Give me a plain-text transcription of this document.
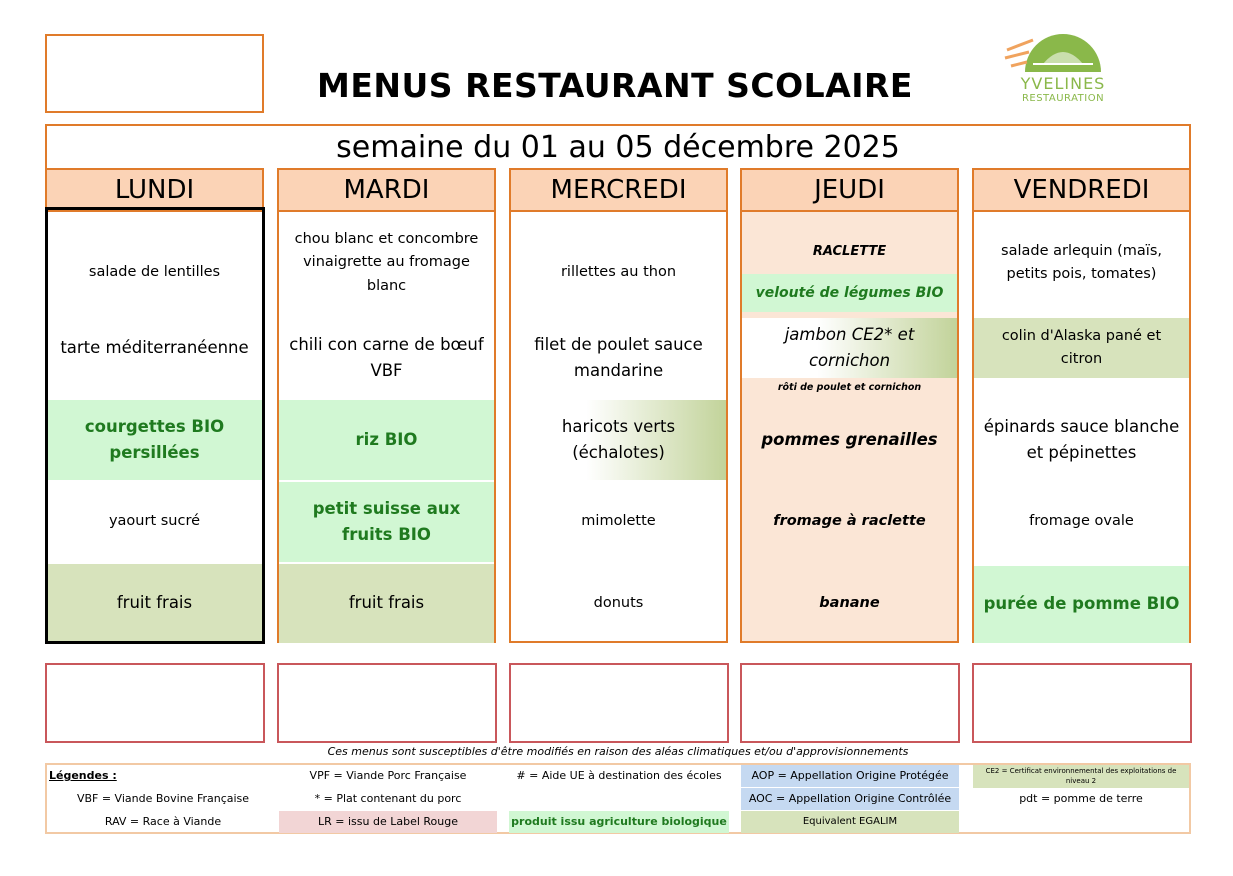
MENUS RESTAURANT SCOLAIRE	YVELINES
RESTAURATION
semaine du 01 au 05 décembre 2025
LUNDI
salade de lentilles
tarte méditerranéenne
courgettes BIO persillées
yaourt sucré
fruit frais
MARDI
chou blanc et concombre vinaigrette au fromage blanc
chili con carne de bœuf VBF
riz BIO
petit suisse aux fruits BIO
fruit frais
MERCREDI
rillettes au thon
filet de poulet sauce mandarine
haricots verts (échalotes)
mimolette
donuts
JEUDI
RACLETTE
velouté de légumes BIO
jambon CE2* et cornichon
rôti de poulet et cornichon
pommes grenailles
fromage à raclette
banane
VENDREDI
salade arlequin (maïs, petits pois, tomates)
colin d'Alaska pané et citron
épinards sauce blanche et pépinettes
fromage ovale
purée de pomme BIO
Ces menus sont susceptibles d'être modifiés en raison des aléas climatiques et/ou d'approvisionnements
Légendes :
VBF = Viande Bovine Française
RAV = Race à Viande
VPF = Viande Porc Française
* = Plat contenant du porc
LR = issu de Label Rouge
# = Aide UE à destination des écoles
produit issu agriculture biologique
AOP = Appellation Origine Protégée
AOC = Appellation Origine Contrôlée
Equivalent EGALIM
CE2 = Certificat environnemental des exploitations de niveau 2
pdt = pomme de terre
